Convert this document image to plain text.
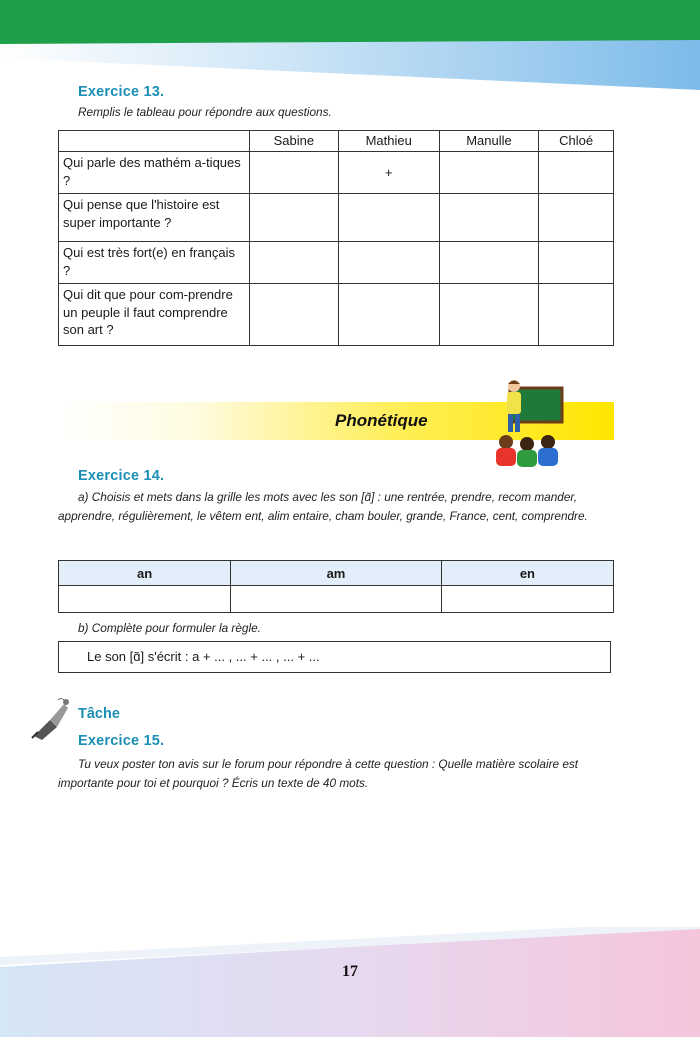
Exercice 13.
Remplis le tableau pour répondre aux questions.
	Sabine	Mathieu	Manulle	Chloé
Qui parle des mathém a-tiques ?		+		
Qui pense que l'histoire est super importante ?				
Qui est très fort(e) en français ?				
Qui dit que pour com-prendre un peuple il faut comprendre son art ?				
Phonétique
Exercice 14.
a) Choisis et mets dans la grille les mots avec les son [ɑ̃] : une rentrée, prendre, recom mander, apprendre, régulièrement, le vêtem ent, alim entaire, cham bouler, grande, France, cent, comprendre.
an	am	en

b) Complète pour formuler la règle.
Le son [ɑ̃] s'écrit : a + ... , ... + ... , ... + ...
Tâche
Exercice 15.
Tu veux poster ton avis sur le forum pour répondre à cette question : Quelle matière scolaire est importante pour toi et pourquoi ? Écris un texte de 40 mots.
17
